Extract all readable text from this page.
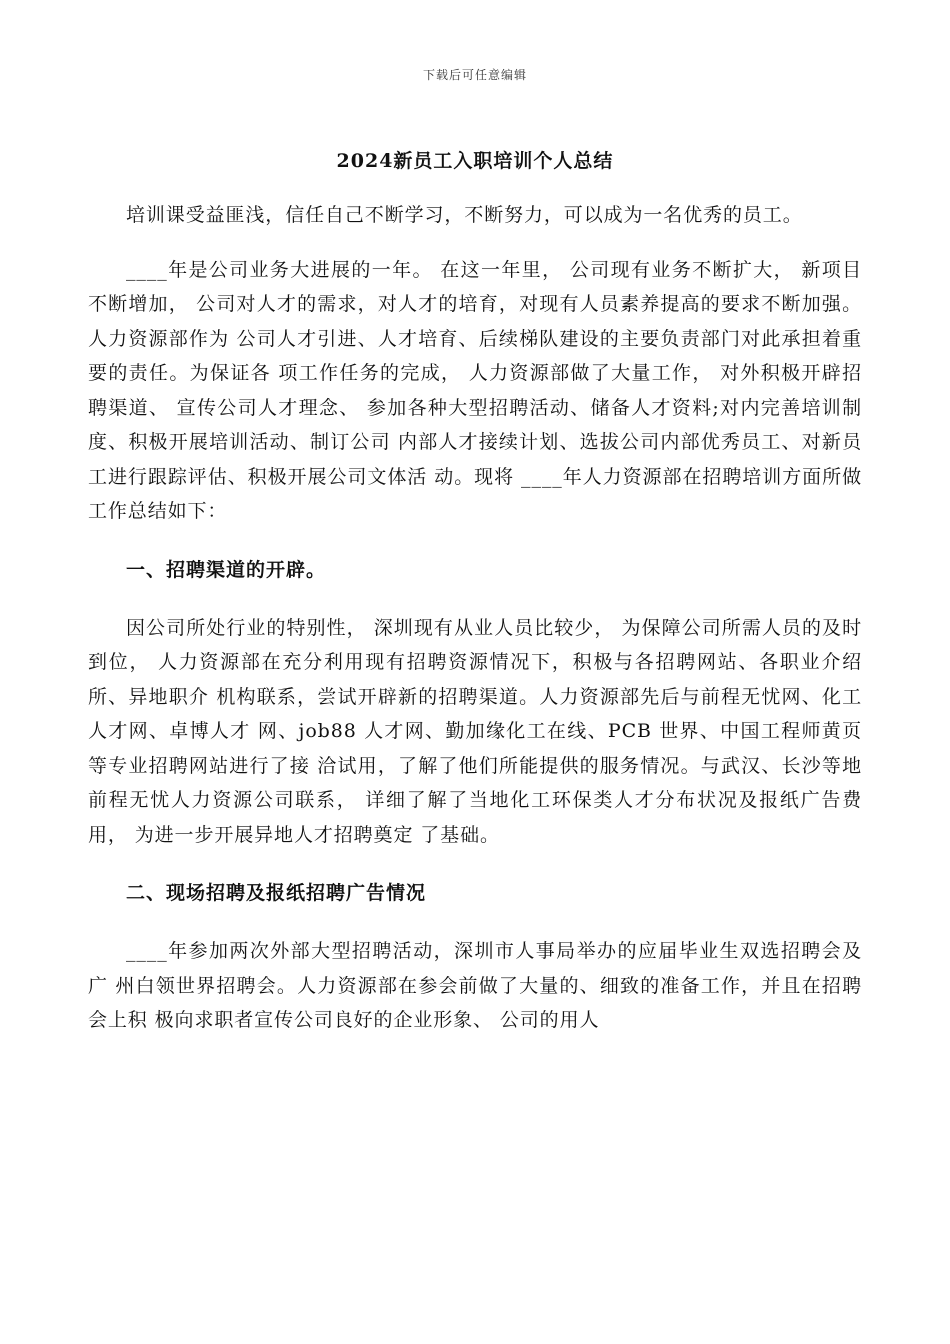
下载后可任意编辑
2024新员工入职培训个人总结

培训课受益匪浅，信任自己不断学习，不断努力，可以成为一名优秀的员工。

____年是公司业务大进展的一年。 在这一年里， 公司现有业务不断扩大， 新项目不断增加， 公司对人才的需求，对人才的培育，对现有人员素养提高的要求不断加强。人力资源部作为 公司人才引进、人才培育、后续梯队建设的主要负责部门对此承担着重要的责任。为保证各 项工作任务的完成， 人力资源部做了大量工作， 对外积极开辟招聘渠道、 宣传公司人才理念、 参加各种大型招聘活动、储备人才资料;对内完善培训制度、积极开展培训活动、制订公司 内部人才接续计划、选拔公司内部优秀员工、对新员工进行跟踪评估、积极开展公司文体活 动。现将 ____年人力资源部在招聘培训方面所做工作总结如下：

一、招聘渠道的开辟。

因公司所处行业的特别性， 深圳现有从业人员比较少， 为保障公司所需人员的及时到位， 人力资源部在充分利用现有招聘资源情况下，积极与各招聘网站、各职业介绍所、异地职介 机构联系，尝试开辟新的招聘渠道。人力资源部先后与前程无忧网、化工人才网、卓博人才 网、job88 人才网、勤加缘化工在线、PCB 世界、中国工程师黄页等专业招聘网站进行了接 洽试用，了解了他们所能提供的服务情况。与武汉、长沙等地前程无忧人力资源公司联系， 详细了解了当地化工环保类人才分布状况及报纸广告费用， 为进一步开展异地人才招聘奠定 了基础。

二、现场招聘及报纸招聘广告情况

____年参加两次外部大型招聘活动，深圳市人事局举办的应届毕业生双选招聘会及广 州白领世界招聘会。人力资源部在参会前做了大量的、细致的准备工作，并且在招聘会上积 极向求职者宣传公司良好的企业形象、 公司的用人
